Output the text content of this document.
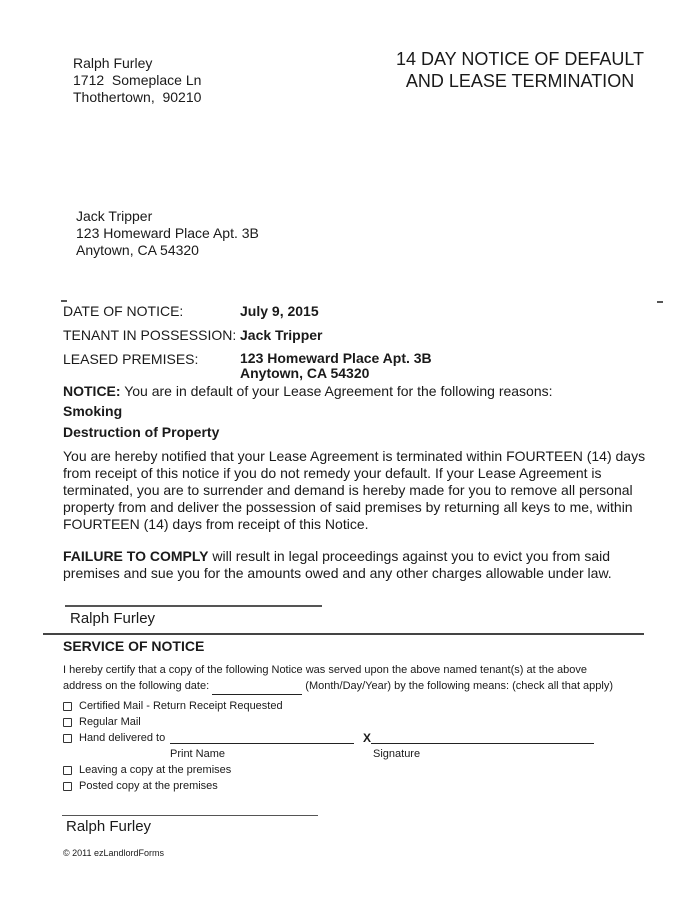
Ralph Furley
1712  Someplace Ln
Thothertown,  90210
14 DAY NOTICE OF DEFAULT
AND LEASE TERMINATION
Jack Tripper
123 Homeward Place Apt. 3B
Anytown, CA 54320
DATE OF NOTICE:	July 9, 2015
TENANT IN POSSESSION: Jack Tripper
LEASED PREMISES:	123 Homeward Place Apt. 3B
Anytown, CA 54320
NOTICE: You are in default of your Lease Agreement for the following reasons:
Smoking
Destruction of Property
You are hereby notified that your Lease Agreement is terminated within FOURTEEN (14) days from receipt of this notice if you do not remedy your default. If your Lease Agreement is terminated, you are to surrender and demand is hereby made for you to remove all personal property from and deliver the possession of said premises by returning all keys to me, within FOURTEEN (14) days from receipt of this Notice.
FAILURE TO COMPLY will result in legal proceedings against you to evict you from said premises and sue you for the amounts owed and any other charges allowable under law.
Ralph Furley
SERVICE OF NOTICE
I hereby certify that a copy of the following Notice was served upon the above named tenant(s) at the above
address on the following date:	(Month/Day/Year) by the following means: (check all that apply)
Certified Mail - Return Receipt Requested
Regular Mail
Hand delivered to
Print Name
X
Signature
Leaving a copy at the premises
Posted copy at the premises
Ralph Furley
© 2011 ezLandlordForms
